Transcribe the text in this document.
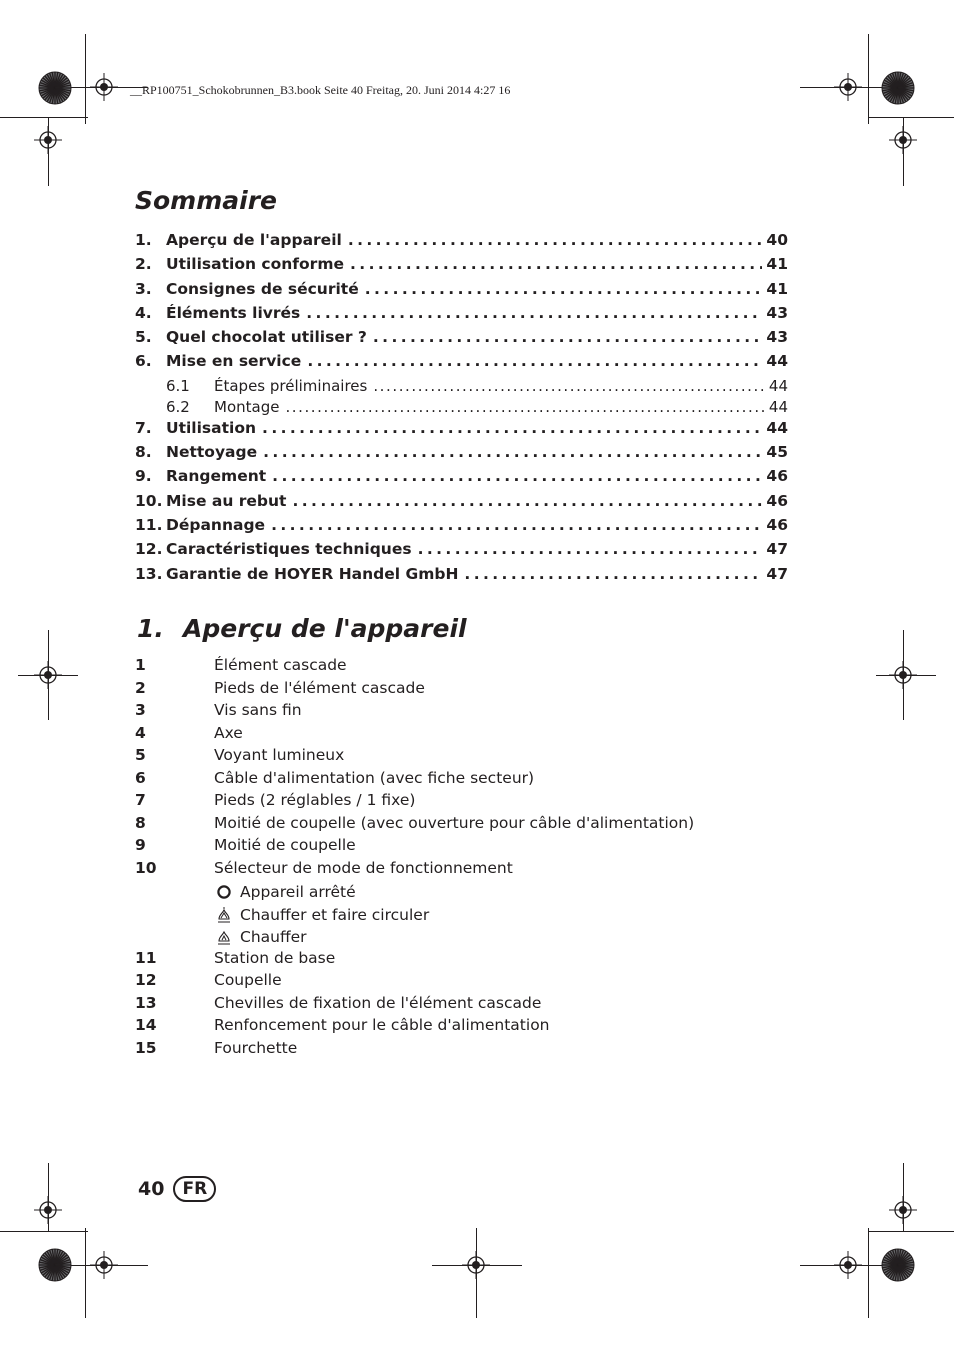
__RP100751_Schokobrunnen_B3.book Seite 40 Freitag, 20. Juni 2014 4:27 16
Sommaire
1. Aperçu de l'appareil . . .	40
2. Utilisation conforme . . .	41
3. Consignes de sécurité . . .	41
4. Éléments livrés . . .	43
5. Quel chocolat utiliser ? . . .	43
6. Mise en service . . .	44
6.1	Étapes préliminaires . . .	44
6.2	Montage . . .	44
7. Utilisation . . .	44
8. Nettoyage . . .	45
9. Rangement . . .	46
10. Mise au rebut . . .	46
11. Dépannage . . .	46
12. Caractéristiques techniques . . .	47
13. Garantie de HOYER Handel GmbH . . .	47
1. Aperçu de l'appareil
1	Élément cascade
2	Pieds de l'élément cascade
3	Vis sans fin
4	Axe
5	Voyant lumineux
6	Câble d'alimentation (avec fiche secteur)
7	Pieds (2 réglables / 1 fixe)
8	Moitié de coupelle (avec ouverture pour câble d'alimentation)
9	Moitié de coupelle
10	Sélecteur de mode de fonctionnement
Appareil arrêté
Chauffer et faire circuler
Chauffer
11	Station de base
12	Coupelle
13	Chevilles de fixation de l'élément cascade
14	Renfoncement pour le câble d'alimentation
15	Fourchette
40	FR
